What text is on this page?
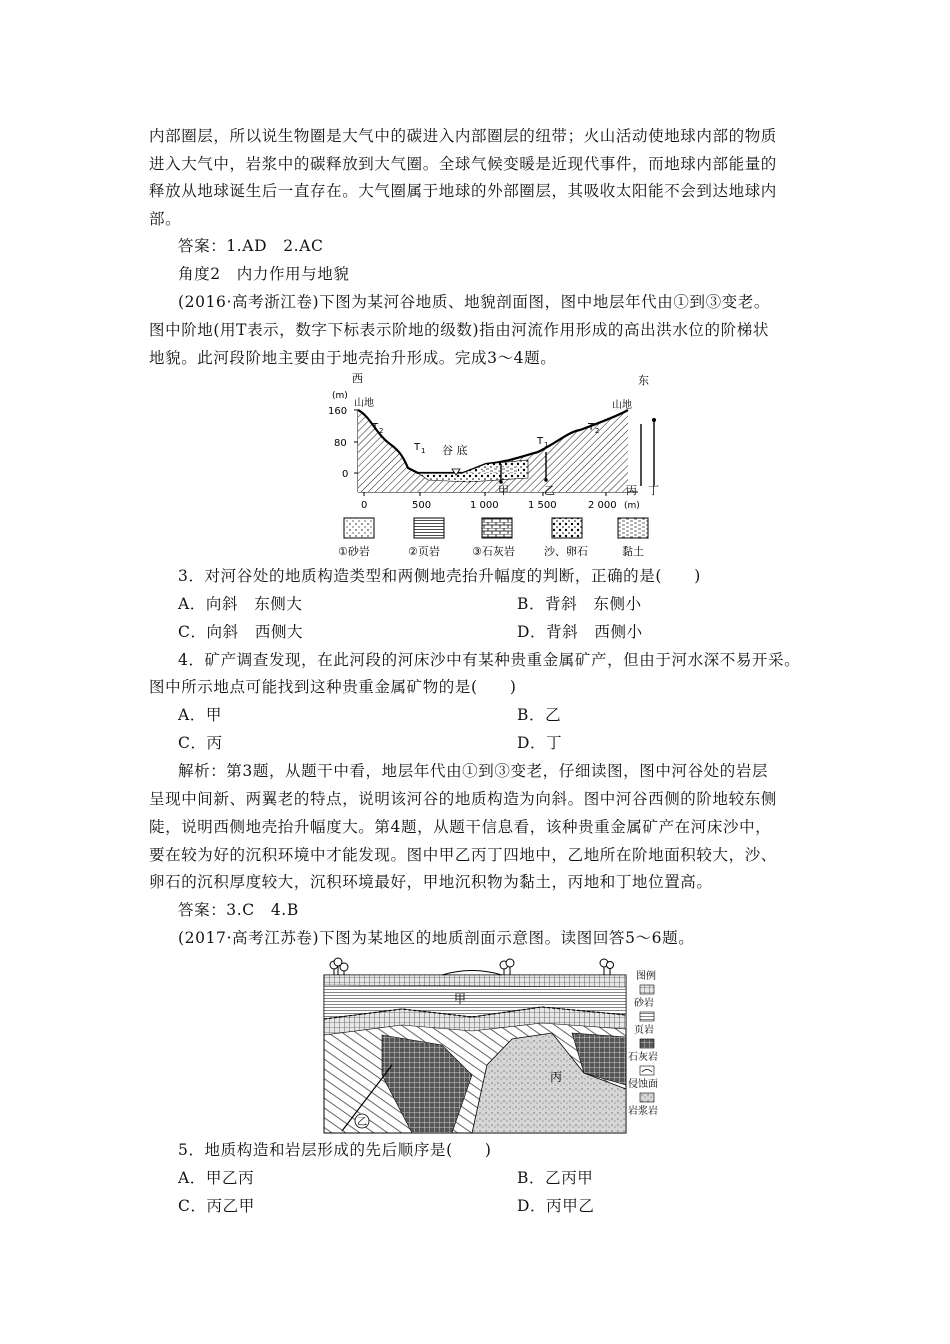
内部圈层，所以说生物圈是大气中的碳进入内部圈层的纽带；火山活动使地球内部的物质
进入大气中，岩浆中的碳释放到大气圈。全球气候变暖是近现代事件，而地球内部能量的
释放从地球诞生后一直存在。大气圈属于地球的外部圈层，其吸收太阳能不会到达地球内
部。
答案：1.AD　2.AC
角度2　内力作用与地貌
(2016·高考浙江卷)下图为某河谷地质、地貌剖面图，图中地层年代由①到③变老。
图中阶地(用T表示，数字下标表示阶地的级数)指由河流作用形成的高出洪水位的阶梯状
地貌。此河段阶地主要由于地壳抬升形成。完成3～4题。
西	东
(m)
山地	山地
160
80
0
0	500	1 000	1 500	2 000 (m)
谷 底
T 2
T 1
T 1
T 2
甲	乙	丙 丁
①砂岩	②页岩	③石灰岩	沙、卵石	黏土
3．对河谷处的地质构造类型和两侧地壳抬升幅度的判断，正确的是(　　)
A．向斜　东侧大	B．背斜　东侧小
C．向斜　西侧大	D．背斜　西侧小
4．矿产调查发现，在此河段的河床沙中有某种贵重金属矿产，但由于河水深不易开采。
图中所示地点可能找到这种贵重金属矿物的是(　　)
A．甲	B．乙
C．丙	D．丁
解析：第3题，从题干中看，地层年代由①到③变老，仔细读图，图中河谷处的岩层
呈现中间新、两翼老的特点，说明该河谷的地质构造为向斜。图中河谷西侧的阶地较东侧
陡，说明西侧地壳抬升幅度大。第4题，从题干信息看，该种贵重金属矿产在河床沙中，
要在较为好的沉积环境中才能发现。图中甲乙丙丁四地中，乙地所在阶地面积较大，沙、
卵石的沉积厚度较大，沉积环境最好，甲地沉积物为黏土，丙地和丁地位置高。
答案：3.C　4.B
(2017·高考江苏卷)下图为某地区的地质剖面示意图。读图回答5～6题。
甲
乙
丙
图例
砂岩
页岩
石灰岩
侵蚀面
岩浆岩
5．地质构造和岩层形成的先后顺序是(　　)
A．甲乙丙	B．乙丙甲
C．丙乙甲	D．丙甲乙
